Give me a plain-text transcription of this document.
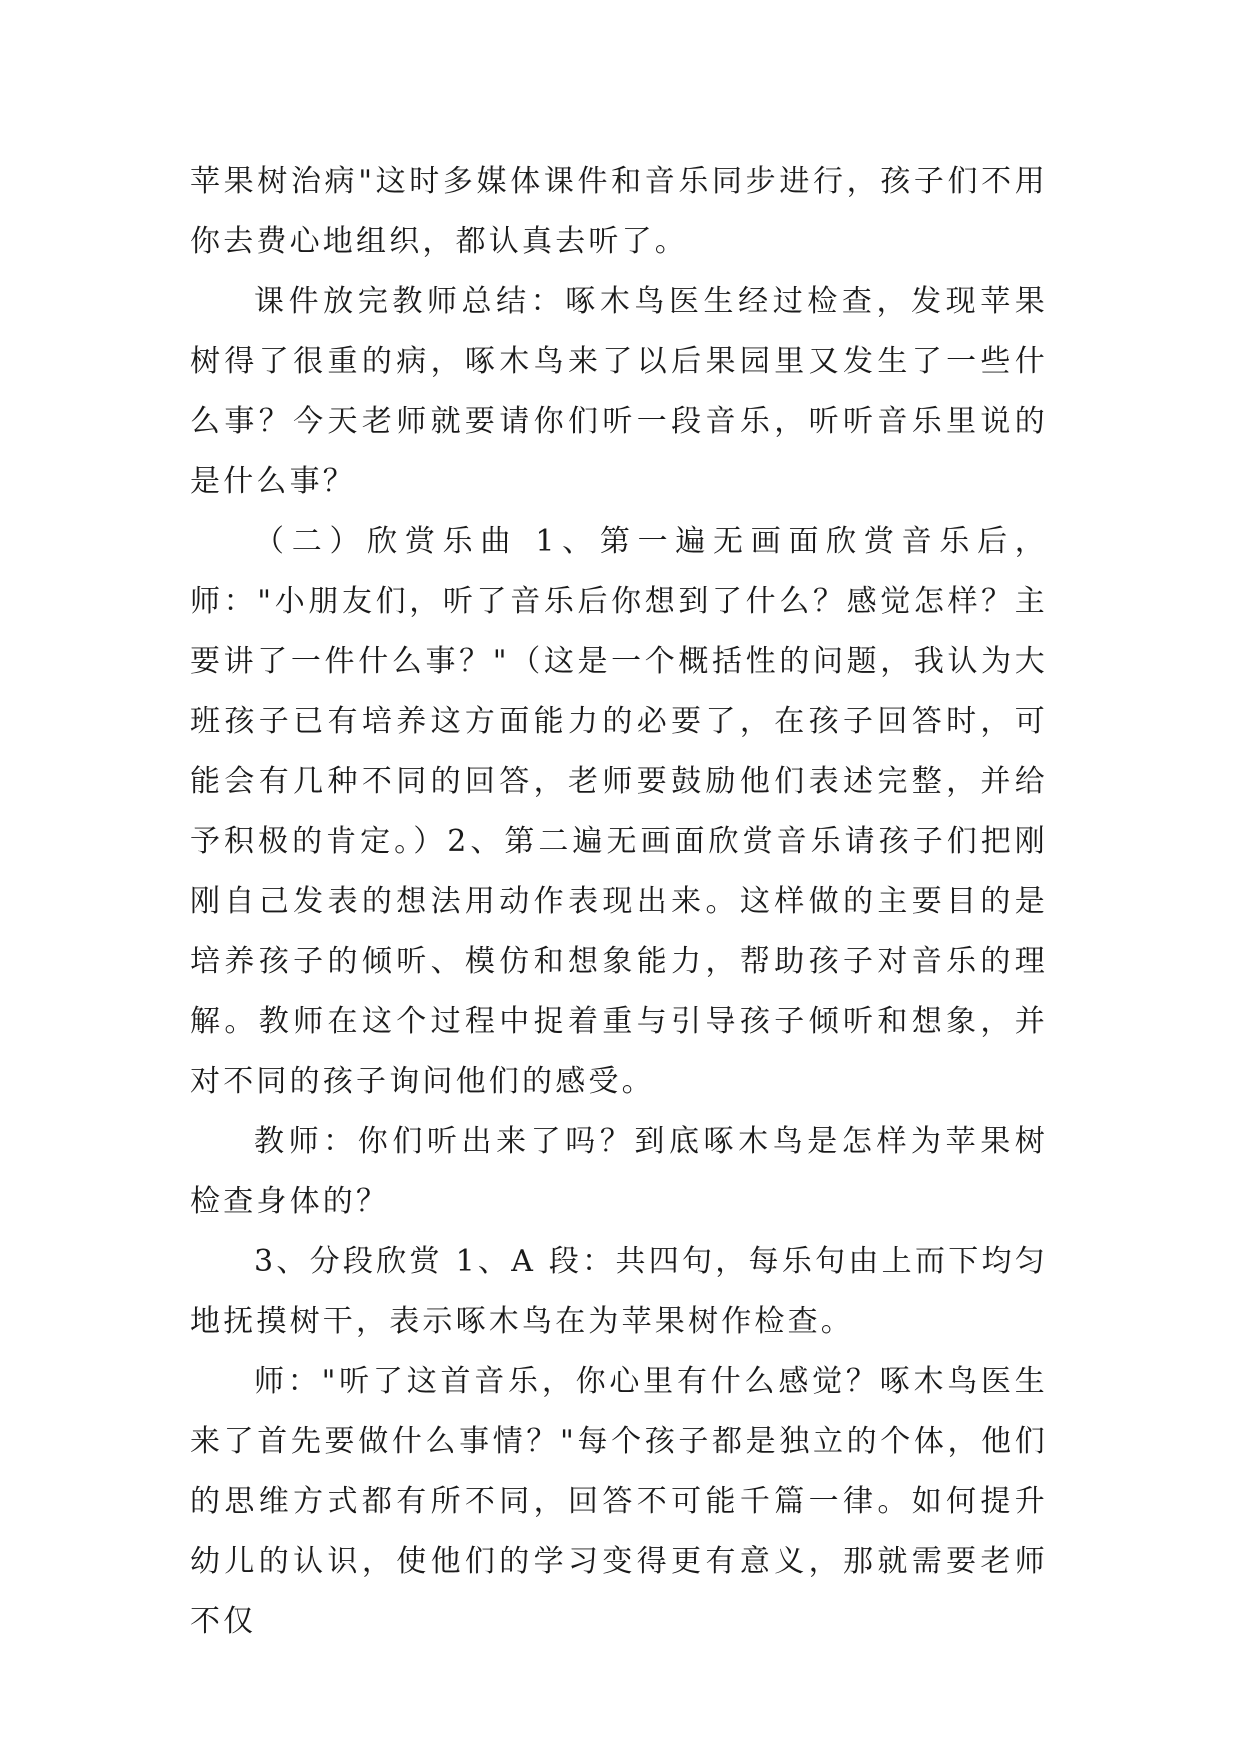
苹果树治病"这时多媒体课件和音乐同步进行，孩子们不用你去费心地组织，都认真去听了。

课件放完教师总结：啄木鸟医生经过检查，发现苹果树得了很重的病，啄木鸟来了以后果园里又发生了一些什么事？今天老师就要请你们听一段音乐，听听音乐里说的是什么事？

（二）欣赏乐曲 1、第一遍无画面欣赏音乐后，师："小朋友们，听了音乐后你想到了什么？感觉怎样？主要讲了一件什么事？"（这是一个概括性的问题，我认为大班孩子已有培养这方面能力的必要了，在孩子回答时，可能会有几种不同的回答，老师要鼓励他们表述完整，并给予积极的肯定。）2、第二遍无画面欣赏音乐请孩子们把刚刚自己发表的想法用动作表现出来。这样做的主要目的是培养孩子的倾听、模仿和想象能力，帮助孩子对音乐的理解。教师在这个过程中捉着重与引导孩子倾听和想象，并对不同的孩子询问他们的感受。

教师：你们听出来了吗？到底啄木鸟是怎样为苹果树检查身体的？

3、分段欣赏 1、A 段：共四句，每乐句由上而下均匀地抚摸树干，表示啄木鸟在为苹果树作检查。

师："听了这首音乐，你心里有什么感觉？啄木鸟医生来了首先要做什么事情？"每个孩子都是独立的个体，他们的思维方式都有所不同，回答不可能千篇一律。如何提升幼儿的认识，使他们的学习变得更有意义，那就需要老师不仅
